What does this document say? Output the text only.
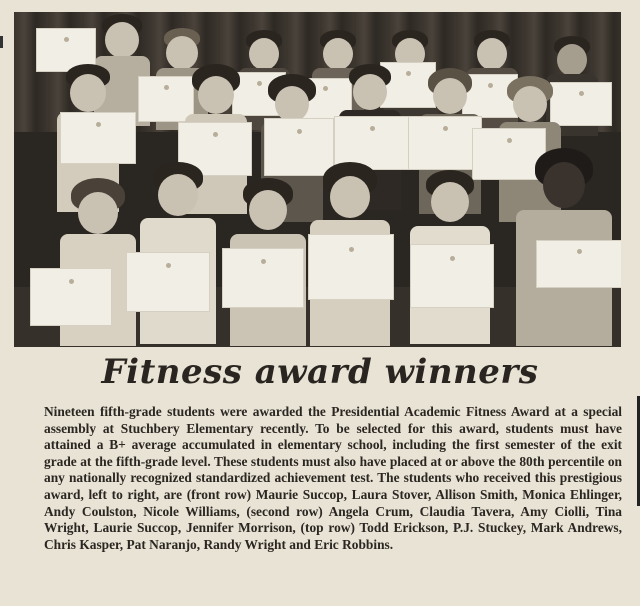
Fitness award winners
Nineteen fifth-grade students were awarded the Presidential Academic Fitness Award at a special assembly at Stuchbery Elementary recently. To be selected for this award, students must have attained a B+ average accumulated in elementary school, including the first semester of the exit grade at the fifth-grade level. These students must also have placed at or above the 80th percentile on any nationally recognized standardized achievement test. The students who received this prestigious award, left to right, are (front row) Maurie Succop, Laura Stover, Allison Smith, Monica Ehlinger, Andy Coulston, Nicole Williams, (second row) Angela Crum, Claudia Tavera, Amy Ciolli, Tina Wright, Laurie Succop, Jennifer Morrison, (top row) Todd Erickson, P.J. Stuckey, Mark Andrews, Chris Kasper, Pat Naranjo, Randy Wright and Eric Robbins.
